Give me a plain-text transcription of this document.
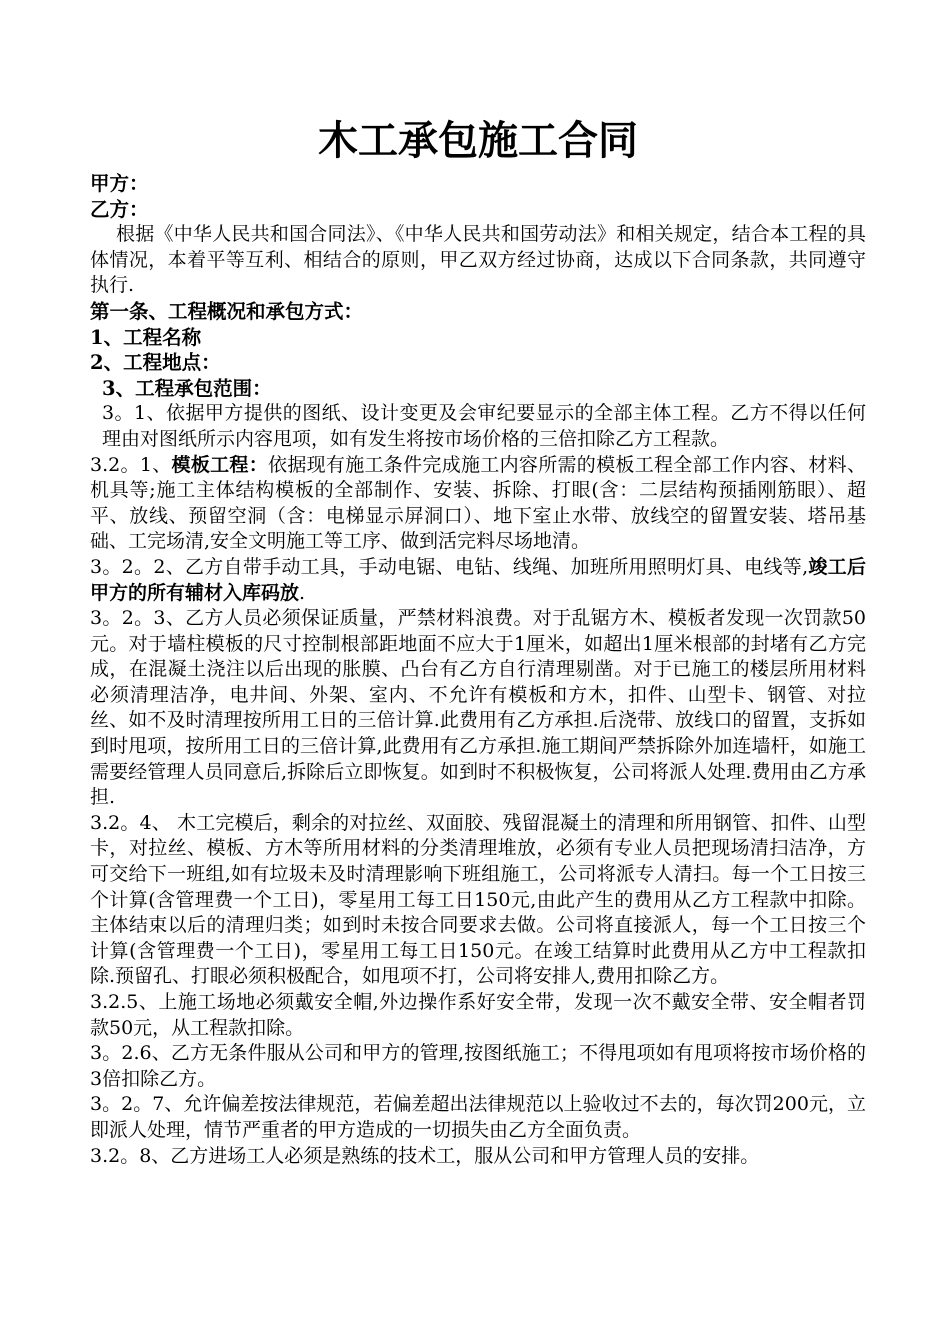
木工承包施工合同

甲方：

乙方：

根据《中华人民共和国合同法》、《中华人民共和国劳动法》和相关规定，结合本工程的具体情况，本着平等互利、相结合的原则，甲乙双方经过协商，达成以下合同条款，共同遵守执行.

第一条、工程概况和承包方式：

1、工程名称

2、工程地点：

3、工程承包范围：

3。1、依据甲方提供的图纸、设计变更及会审纪要显示的全部主体工程。乙方不得以任何理由对图纸所示内容甩项，如有发生将按市场价格的三倍扣除乙方工程款。

3.2。1、模板工程：依据现有施工条件完成施工内容所需的模板工程全部工作内容、材料、机具等;施工主体结构模板的全部制作、安装、拆除、打眼(含：二层结构预插刚筋眼）、超平、放线、预留空洞（含：电梯显示屏洞口）、地下室止水带、放线空的留置安装、塔吊基础、工完场清,安全文明施工等工序、做到活完料尽场地清。

3。2。2、乙方自带手动工具，手动电锯、电钻、线绳、加班所用照明灯具、电线等,竣工后甲方的所有辅材入库码放.

3。2。3、乙方人员必须保证质量，严禁材料浪费。对于乱锯方木、模板者发现一次罚款50元。对于墙柱模板的尺寸控制根部距地面不应大于1厘米，如超出1厘米根部的封堵有乙方完成，在混凝土浇注以后出现的胀膜、凸台有乙方自行清理剔凿。对于已施工的楼层所用材料必须清理洁净，电井间、外架、室内、不允许有模板和方木，扣件、山型卡、钢管、对拉丝、如不及时清理按所用工日的三倍计算.此费用有乙方承担.后浇带、放线口的留置，支拆如到时甩项，按所用工日的三倍计算,此费用有乙方承担.施工期间严禁拆除外加连墙杆，如施工需要经管理人员同意后,拆除后立即恢复。如到时不积极恢复，公司将派人处理.费用由乙方承担.

3.2。4、 木工完模后，剩余的对拉丝、双面胶、残留混凝土的清理和所用钢管、扣件、山型卡，对拉丝、模板、方木等所用材料的分类清理堆放，必须有专业人员把现场清扫洁净，方可交给下一班组,如有垃圾未及时清理影响下班组施工，公司将派专人清扫。每一个工日按三个计算(含管理费一个工日)，零星用工每工日150元,由此产生的费用从乙方工程款中扣除。 主体结束以后的清理归类；如到时未按合同要求去做。公司将直接派人，每一个工日按三个计算(含管理费一个工日)，零星用工每工日150元。在竣工结算时此费用从乙方中工程款扣除.预留孔、打眼必须积极配合，如甩项不打，公司将安排人,费用扣除乙方。

3.2.5、上施工场地必须戴安全帽,外边操作系好安全带，发现一次不戴安全带、安全帽者罚款50元，从工程款扣除。

3。2.6、乙方无条件服从公司和甲方的管理,按图纸施工；不得甩项如有甩项将按市场价格的3倍扣除乙方。

3。2。7、允许偏差按法律规范，若偏差超出法律规范以上验收过不去的，每次罚200元，立即派人处理，情节严重者的甲方造成的一切损失由乙方全面负责。

3.2。8、乙方进场工人必须是熟练的技术工，服从公司和甲方管理人员的安排。
